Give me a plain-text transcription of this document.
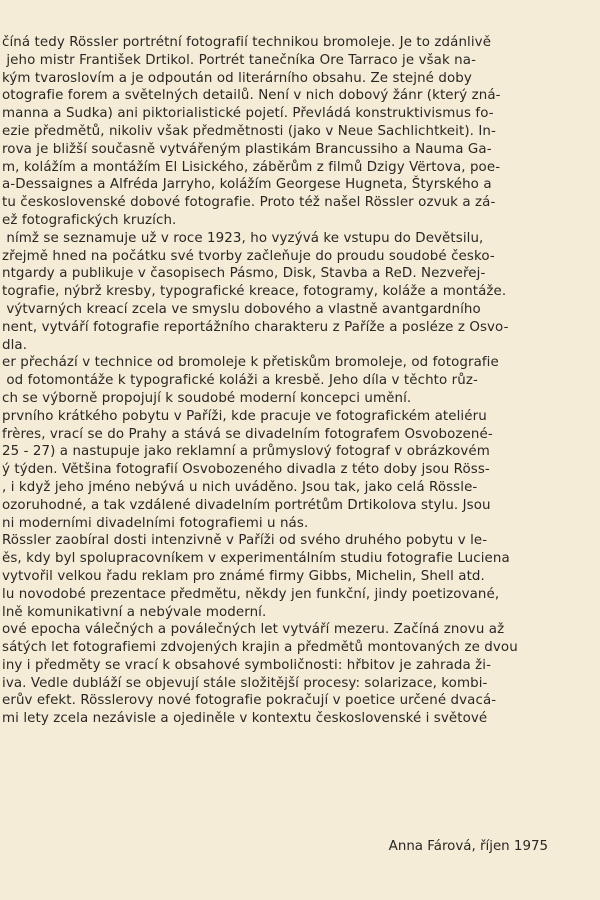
číná tedy Rössler portrétní fotografií technikou bromoleje. Je to zdánlivě
jeho mistr František Drtikol. Portrét tanečníka Ore Tarraco je však na-
kým tvaroslovím a je odpoután od literárního obsahu. Ze stejné doby
otografie forem a světelných detailů. Není v nich dobový žánr (který zná-
manna a Sudka) ani piktorialistické pojetí. Převládá konstruktivismus fo-
ezie předmětů, nikoliv však předmětnosti (jako v Neue Sachlichtkeit). In-
rova je bližší současně vytvářeným plastikám Brancussiho a Nauma Ga-
m, kolážím a montážím El Lisického, záběrům z filmů Dzigy Vërtova, poe-
a-Dessaignes a Alfréda Jarryho, kolážím Georgese Hugneta, Štyrského a
tu československé dobové fotografie. Proto též našel Rössler ozvuk a zá-
ež fotografických kruzích.
nímž se seznamuje už v roce 1923, ho vyzývá ke vstupu do Devětsilu,
zřejmě hned na počátku své tvorby začleňuje do proudu soudobé česko-
ntgardy a publikuje v časopisech Pásmo, Disk, Stavba a ReD. Nezveřej-
tografie, nýbrž kresby, typografické kreace, fotogramy, koláže a montáže.
výtvarných kreací zcela ve smyslu dobového a vlastně avantgardního
nent, vytváří fotografie reportážního charakteru z Paříže a posléze z Osvo-
dla.
er přechází v technice od bromoleje k přetiskům bromoleje, od fotografie
od fotomontáže k typografické koláži a kresbě. Jeho díla v těchto růz-
ch se výborně propojují k soudobé moderní koncepci umění.
prvního krátkého pobytu v Paříži, kde pracuje ve fotografickém ateliéru
frères, vrací se do Prahy a stává se divadelním fotografem Osvobozené-
25 - 27) a nastupuje jako reklamní a průmyslový fotograf v obrázkovém
ý týden. Většina fotografií Osvobozeného divadla z této doby jsou Röss-
, i když jeho jméno nebývá u nich uváděno. Jsou tak, jako celá Rössle-
ozoruhodné, a tak vzdálené divadelním portrétům Drtikolova stylu. Jsou
ni moderními divadelními fotografiemi u nás.
Rössler zaobíral dosti intenzivně v Paříži od svého druhého pobytu v le-
ěs, kdy byl spolupracovníkem v experimentálním studiu fotografie Luciena
vytvořil velkou řadu reklam pro známé firmy Gibbs, Michelin, Shell atd.
lu novodobé prezentace předmětu, někdy jen funkční, jindy poetizované,
lně komunikativní a nebývale moderní.
ové epocha válečných a poválečných let vytváří mezeru. Začíná znovu až
sátých let fotografiemi zdvojených krajin a předmětů montovaných ze dvou
iny i předměty se vrací k obsahové symboličnosti: hřbitov je zahrada ži-
iva. Vedle dubláží se objevují stále složitější procesy: solarizace, kombi-
erův efekt. Rösslerovy nové fotografie pokračují v poetice určené dvacá-
mi lety zcela nezávisle a ojediněle v kontextu československé i světové
Anna Fárová, říjen 1975
